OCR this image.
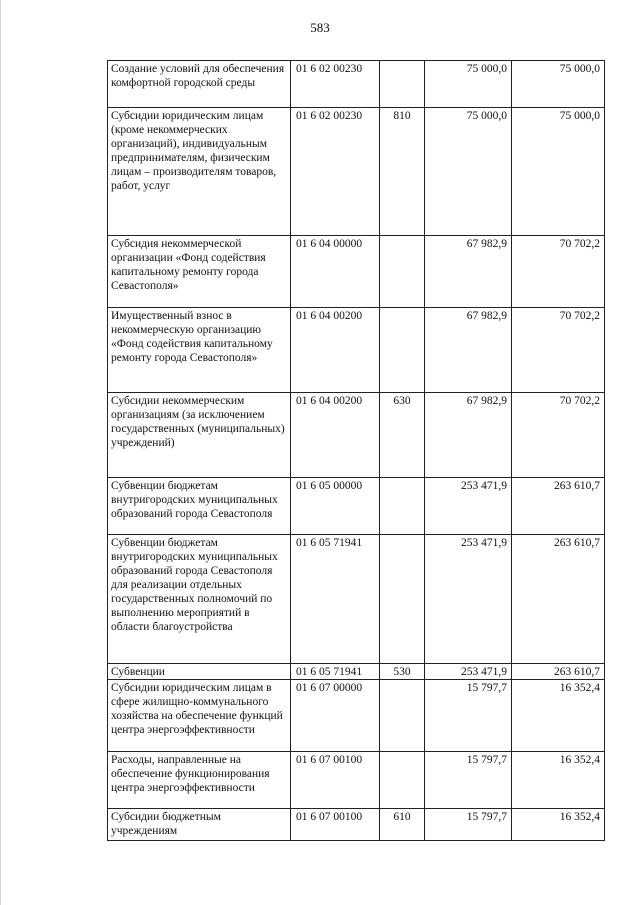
583
Создание условий для обеспечения комфортной городской среды	01 6 02 00230		75 000,0	75 000,0
Субсидии юридическим лицам (кроме некоммерческих организаций), индивидуальным предпринимателям, физическим лицам – производителям товаров, работ, услуг	01 6 02 00230	810	75 000,0	75 000,0
Субсидия некоммерческой организации «Фонд содействия капитальному ремонту города Севастополя»	01 6 04 00000		67 982,9	70 702,2
Имущественный взнос в некоммерческую организацию «Фонд содействия капитальному ремонту города Севастополя»	01 6 04 00200		67 982,9	70 702,2
Субсидии некоммерческим организациям (за исключением государственных (муниципальных) учреждений)	01 6 04 00200	630	67 982,9	70 702,2
Субвенции бюджетам внутригородских муниципальных образований города Севастополя	01 6 05 00000		253 471,9	263 610,7
Субвенции бюджетам внутригородских муниципальных образований города Севастополя для реализации отдельных государственных полномочий по выполнению мероприятий в области благоустройства	01 6 05 71941		253 471,9	263 610,7
Субвенции	01 6 05 71941	530	253 471,9	263 610,7
Субсидии юридическим лицам в сфере жилищно-коммунального хозяйства на обеспечение функций центра энергоэффективности	01 6 07 00000		15 797,7	16 352,4
Расходы, направленные на обеспечение функционирования центра энергоэффективности	01 6 07 00100		15 797,7	16 352,4
Субсидии бюджетным учреждениям	01 6 07 00100	610	15 797,7	16 352,4
